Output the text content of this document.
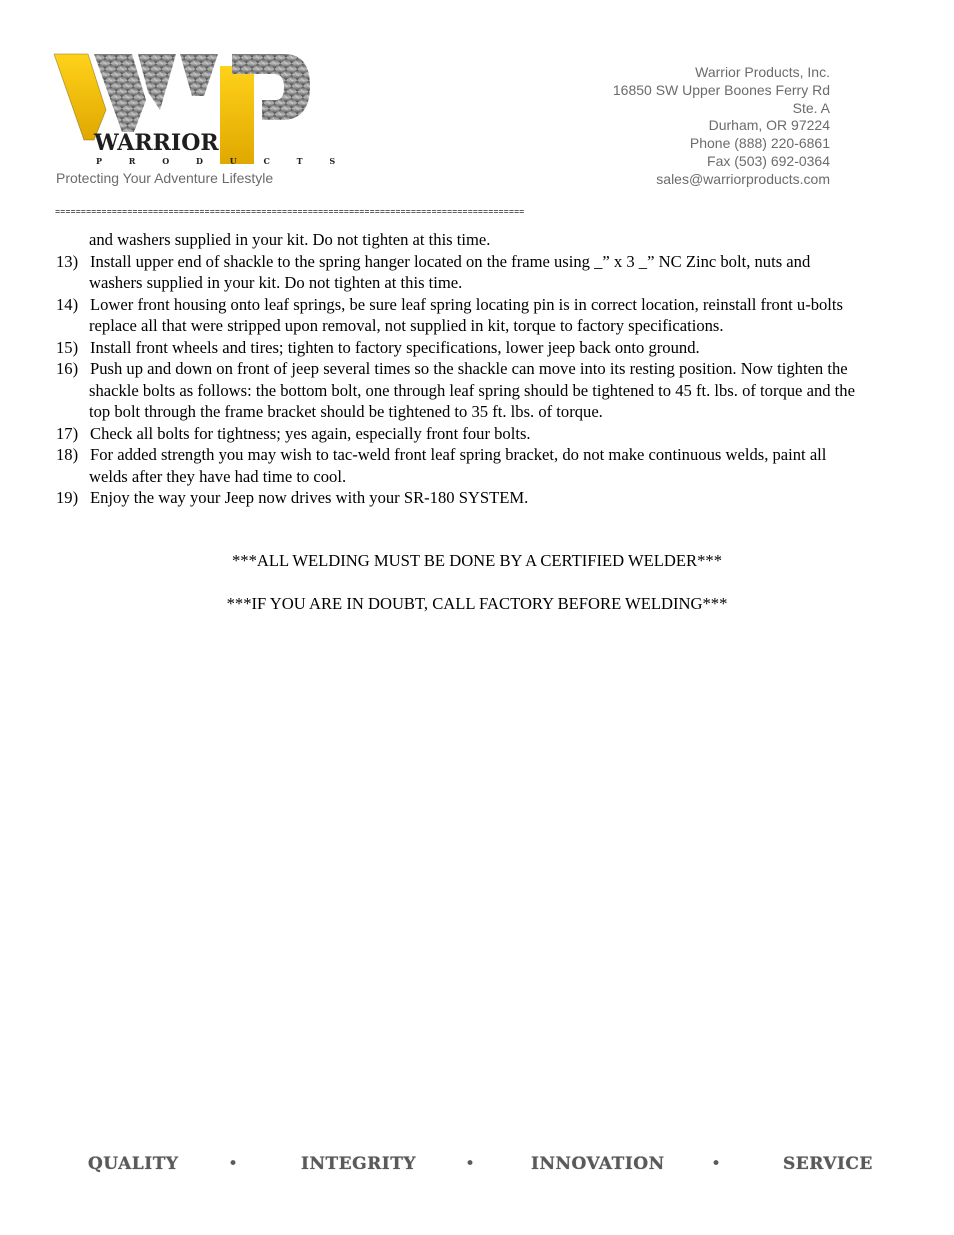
WARRIOR
P R O D U C T S
Protecting Your Adventure Lifestyle
Warrior Products, Inc.
16850 SW Upper Boones Ferry Rd
Ste. A
Durham, OR 97224
Phone (888) 220-6861
Fax (503) 692-0364
sales@warriorproducts.com
===========================================================================================
and washers supplied in your kit. Do not tighten at this time.
13) Install upper end of shackle to the spring hanger located on the frame using _” x 3 _” NC Zinc bolt, nuts and
washers supplied in your kit. Do not tighten at this time.
14) Lower front housing onto leaf springs, be sure leaf spring locating pin is in correct location, reinstall front u-bolts
replace all that were stripped upon removal, not supplied in kit, torque to factory specifications.
15) Install front wheels and tires; tighten to factory specifications, lower jeep back onto ground.
16) Push up and down on front of jeep several times so the shackle can move into its resting position. Now tighten the
shackle bolts as follows: the bottom bolt, one through leaf spring should be tightened to 45 ft. lbs. of torque and the
top bolt through the frame bracket should be tightened to 35 ft. lbs. of torque.
17) Check all bolts for tightness; yes again, especially front four bolts.
18) For added strength you may wish to tac-weld front leaf spring bracket, do not make continuous welds, paint all
welds after they have had time to cool.
19) Enjoy the way your Jeep now drives with your SR-180 SYSTEM.
***ALL WELDING MUST BE DONE BY A CERTIFIED WELDER***
***IF YOU ARE IN DOUBT, CALL FACTORY BEFORE WELDING***
QUALITY	•	INTEGRITY	•	INNOVATION	•	SERVICE
